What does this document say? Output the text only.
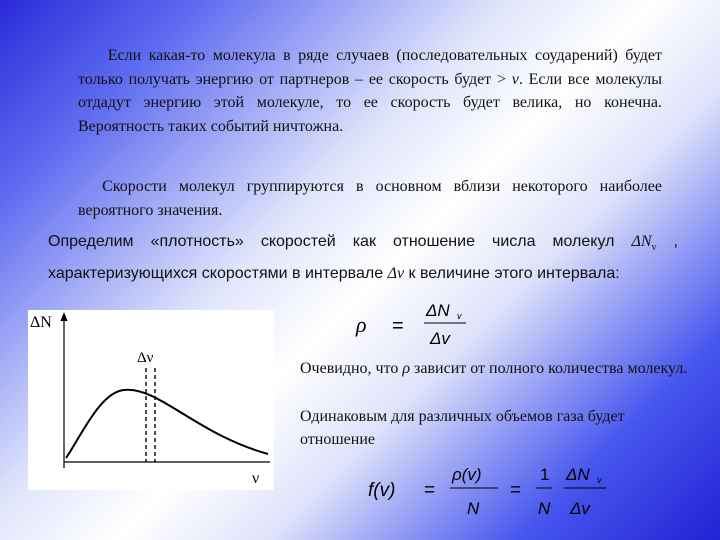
Если какая-то молекула в ряде случаев (последовательных соударений) будет только получать энергию от партнеров – ее скорость будет > v. Если все молекулы отдадут энергию этой молекуле, то ее скорость будет велика, но конечна. Вероятность таких событий ничтожна.

Скорости молекул группируются в основном вблизи некоторого наиболее вероятного значения.

Определим «плотность» скоростей как отношение числа молекул $\Delta N_v$ , характеризующихся скоростями в интервале Δv к величине этого интервала:

ΔN
ν
Δν
ρ =
ΔN v
Δv

Очевидно, что ρ зависит от полного количества молекул.

Одинаковым для различных объемов газа будет отношение

f(v) =
ρ(v)
N
=
1
N
ΔN v
Δv
